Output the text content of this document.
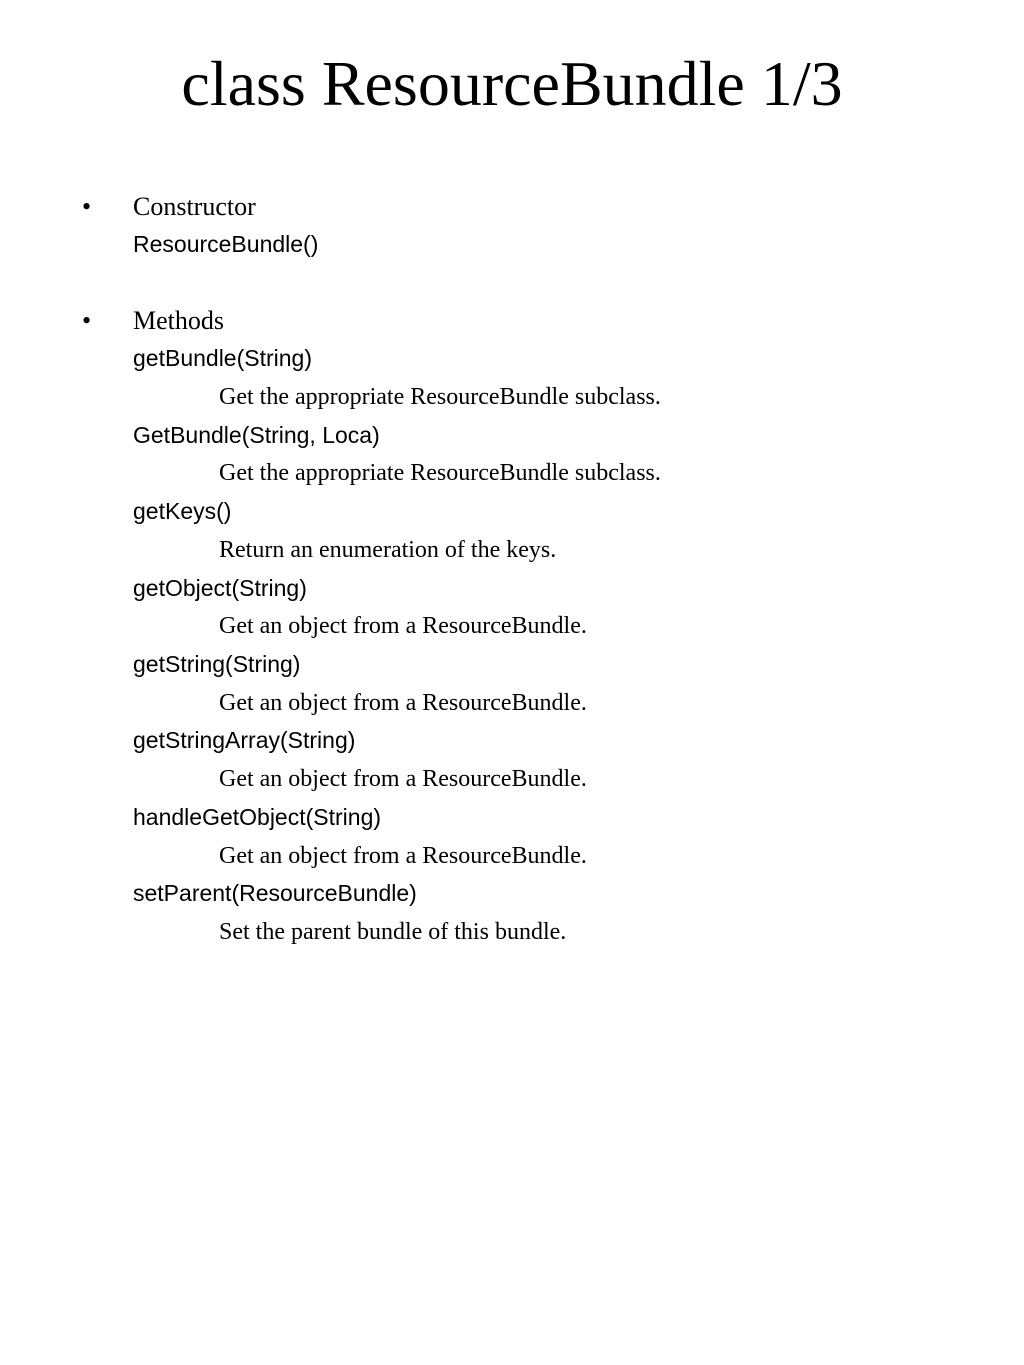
class ResourceBundle 1/3
• Constructor
ResourceBundle()
• Methods
getBundle(String)
Get the appropriate ResourceBundle subclass.
GetBundle(String, Loca)
Get the appropriate ResourceBundle subclass.
getKeys()
Return an enumeration of the keys.
getObject(String)
Get an object from a ResourceBundle.
getString(String)
Get an object from a ResourceBundle.
getStringArray(String)
Get an object from a ResourceBundle.
handleGetObject(String)
Get an object from a ResourceBundle.
setParent(ResourceBundle)
Set the parent bundle of this bundle.
